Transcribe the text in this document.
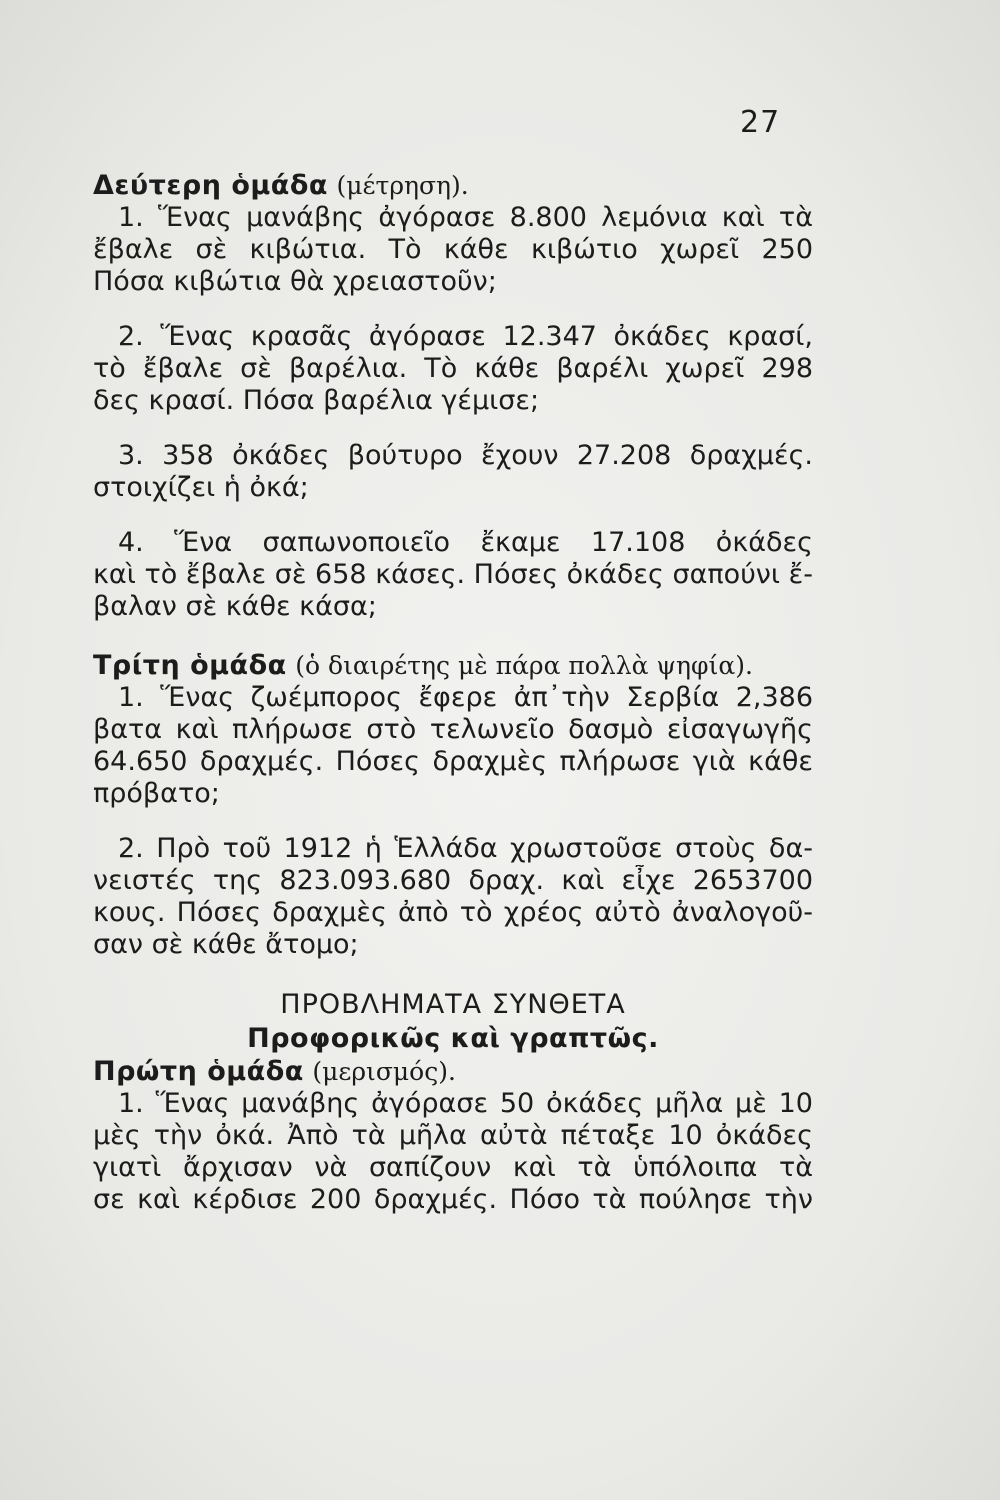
27
Δεύτερη ὁμάδα (μέτρηση).
1. Ἕνας μανάβης ἀγόρασε 8.800 λεμόνια καὶ τὰ
ἔβαλε σὲ κιβώτια. Τὸ κάθε κιβώτιο χωρεῖ 250
Πόσα κιβώτια θὰ χρειαστοῦν;
2. Ἕνας κρασᾶς ἀγόρασε 12.347 ὀκάδες κρασί,
τὸ ἔβαλε σὲ βαρέλια. Τὸ κάθε βαρέλι χωρεῖ 298
δες κρασί. Πόσα βαρέλια γέμισε;
3. 358 ὀκάδες βούτυρο ἔχουν 27.208 δραχμές.
στοιχίζει ἡ ὀκά;
4. Ἕνα σαπωνοποιεῖο ἔκαμε 17.108 ὀκάδες
καὶ τὸ ἔβαλε σὲ 658 κάσες. Πόσες ὀκάδες σαπούνι ἔ-
βαλαν σὲ κάθε κάσα;
Τρίτη ὁμάδα (ὁ διαιρέτης μὲ πάρα πολλὰ ψηφία).
1. Ἕνας ζωέμπορος ἔφερε ἀπ᾿τὴν Σερβία 2,386
βατα καὶ πλήρωσε στὸ τελωνεῖο δασμὸ εἰσαγωγῆς
64.650 δραχμές. Πόσες δραχμὲς πλήρωσε γιὰ κάθε
πρόβατο;
2. Πρὸ τοῦ 1912 ἡ Ἑλλάδα χρωστοῦσε στοὺς δα-
νειστές της 823.093.680 δραχ. καὶ εἶχε 2653700
κους. Πόσες δραχμὲς ἀπὸ τὸ χρέος αὐτὸ ἀναλογοῦ-
σαν σὲ κάθε ἄτομο;
ΠΡΟΒΛΗΜΑΤΑ ΣΥΝΘΕΤΑ
Προφορικῶς καὶ γραπτῶς.
Πρώτη ὁμάδα (μερισμός).
1. Ἕνας μανάβης ἀγόρασε 50 ὀκάδες μῆλα μὲ 10
μὲς τὴν ὀκά. Ἀπὸ τὰ μῆλα αὐτὰ πέταξε 10 ὀκάδες
γιατὶ ἄρχισαν νὰ σαπίζουν καὶ τὰ ὑπόλοιπα τὰ
σε καὶ κέρδισε 200 δραχμές. Πόσο τὰ πούλησε τὴν
